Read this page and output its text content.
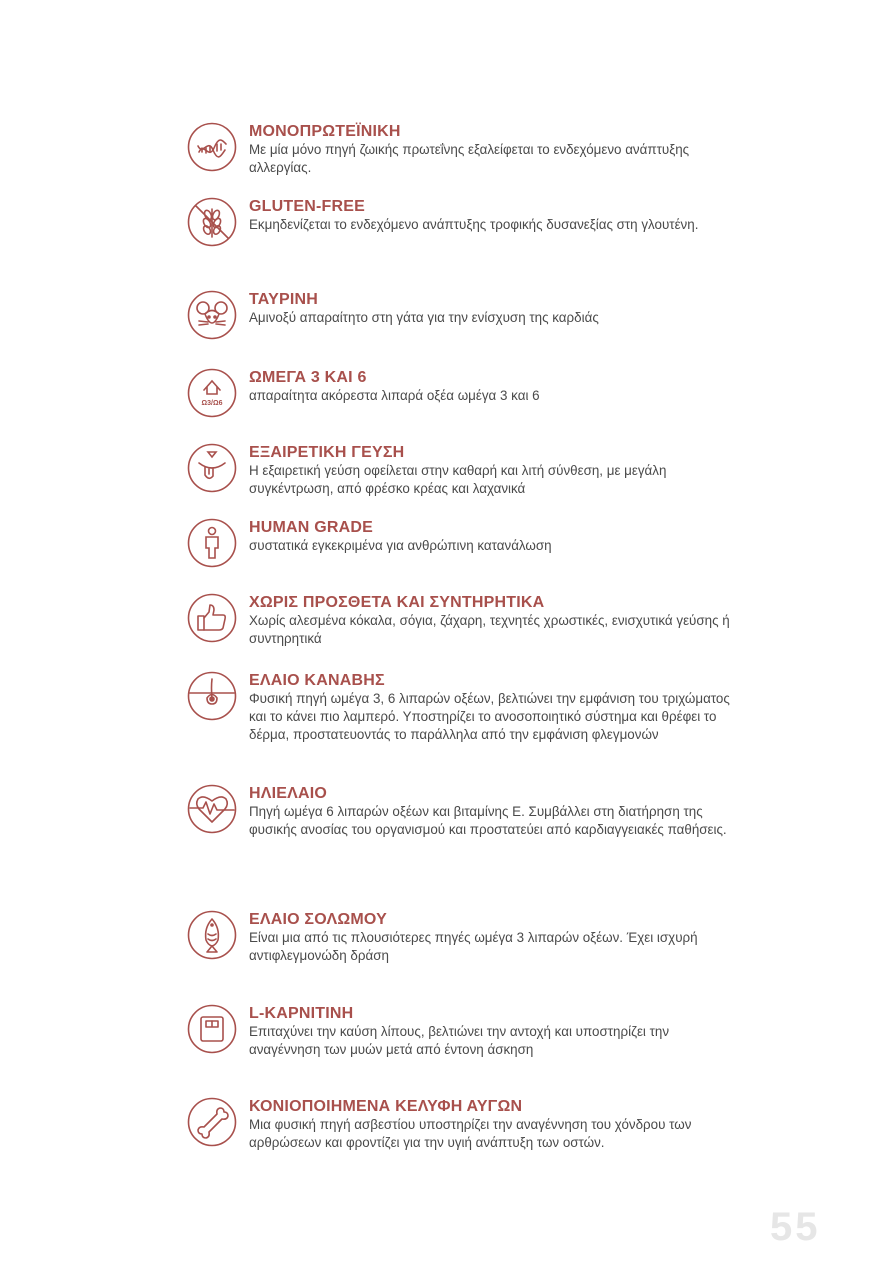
ΜΟΝΟΠΡΩΤΕΪΝΙΚΗ

Με μία μόνο πηγή ζωικής πρωτεΐνης εξαλείφεται το ενδεχόμενο ανάπτυξης αλλεργίας.

GLUTEN-FREE

Εκμηδενίζεται το ενδεχόμενο ανάπτυξης τροφικής δυσανεξίας στη γλουτένη.

ΤΑΥΡΙΝΗ

Αμινοξύ απαραίτητο στη γάτα για την ενίσχυση της καρδιάς

Ω3/Ω6

ΩΜΕΓΑ 3 ΚΑΙ 6

απαραίτητα ακόρεστα λιπαρά οξέα ωμέγα 3 και 6

ΕΞΑΙΡΕΤΙΚΗ ΓΕΥΣΗ

Η εξαιρετική γεύση οφείλεται στην καθαρή και λιτή σύνθεση, με μεγάλη συγκέντρωση, από φρέσκο κρέας και λαχανικά

HUMAN GRADE

συστατικά εγκεκριμένα για ανθρώπινη κατανάλωση

ΧΩΡΙΣ ΠΡΟΣΘΕΤΑ ΚΑΙ ΣΥΝΤΗΡΗΤΙΚΑ

Χωρίς αλεσμένα κόκαλα, σόγια, ζάχαρη, τεχνητές χρωστικές, ενισχυτικά γεύσης ή συντηρητικά

ΕΛΑΙΟ ΚΑΝΑΒΗΣ

Φυσική πηγή ωμέγα 3, 6 λιπαρών οξέων, βελτιώνει την εμφάνιση του τριχώματος και το κάνει πιο λαμπερό. Υποστηρίζει το ανοσοποιητικό σύστημα και θρέφει το δέρμα, προστατευοντάς το παράλληλα από την εμφάνιση φλεγμονών

ΗΛΙΕΛΑΙΟ

Πηγή ωμέγα 6 λιπαρών οξέων και βιταμίνης Ε. Συμβάλλει στη διατήρηση της φυσικής ανοσίας του οργανισμού και προστατεύει από καρδιαγγειακές παθήσεις.

ΕΛΑΙΟ ΣΟΛΩΜΟΥ

Είναι μια από τις πλουσιότερες πηγές ωμέγα 3 λιπαρών οξέων. Έχει ισχυρή αντιφλεγμονώδη δράση

L-ΚΑΡΝΙΤΙΝΗ

Επιταχύνει την καύση λίπους, βελτιώνει την αντοχή και υποστηρίζει την αναγέννηση των μυών μετά από έντονη άσκηση

ΚΟΝΙΟΠΟΙΗΜΕΝΑ ΚΕΛΥΦΗ ΑΥΓΩΝ

Μια φυσική πηγή ασβεστίου υποστηρίζει την αναγέννηση του χόνδρου των αρθρώσεων και φροντίζει για την υγιή ανάπτυξη των οστών.

55
